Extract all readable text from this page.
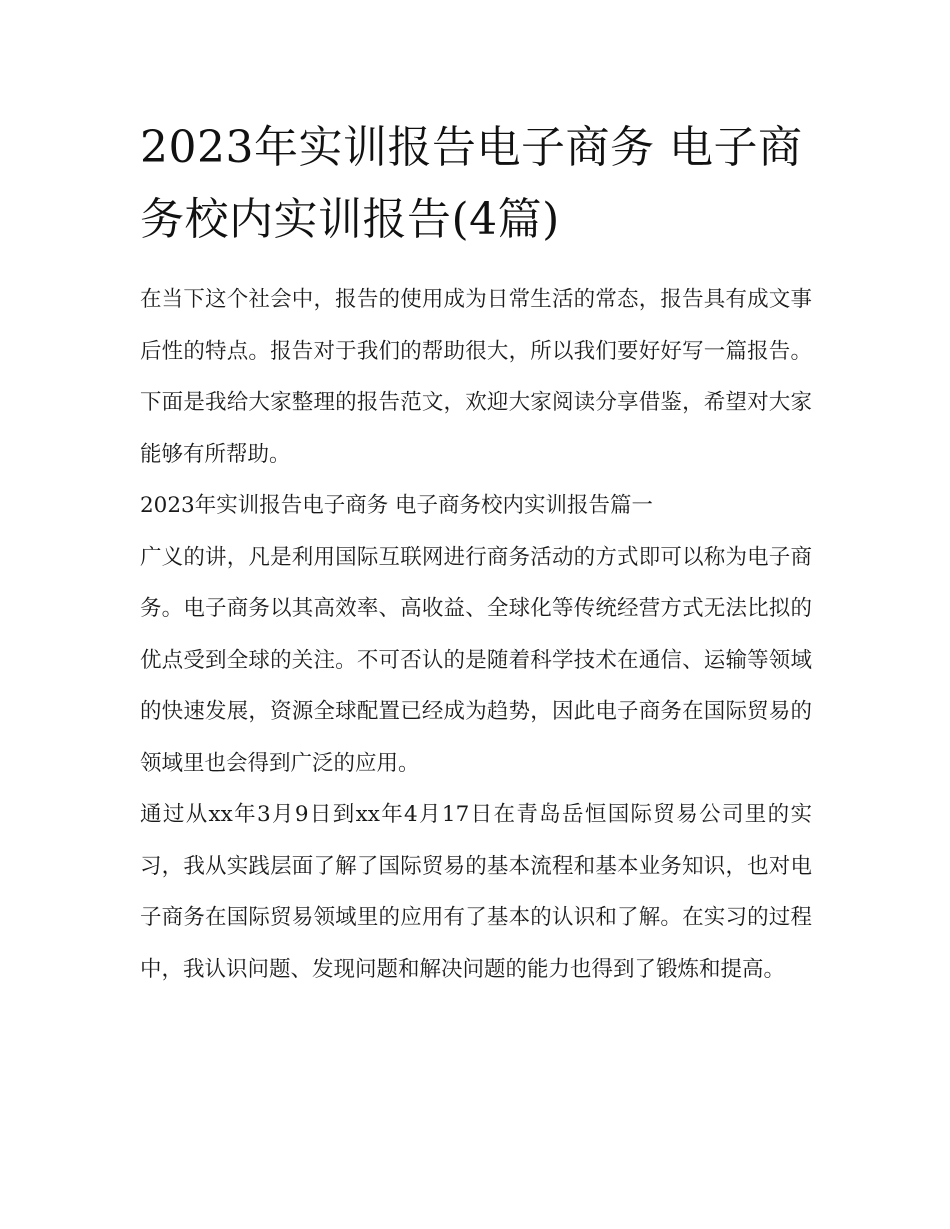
2023年实训报告电子商务 电子商务校内实训报告(4篇)

在当下这个社会中，报告的使用成为日常生活的常态，报告具有成文事后性的特点。报告对于我们的帮助很大，所以我们要好好写一篇报告。下面是我给大家整理的报告范文，欢迎大家阅读分享借鉴，希望对大家能够有所帮助。

2023年实训报告电子商务 电子商务校内实训报告篇一

广义的讲，凡是利用国际互联网进行商务活动的方式即可以称为电子商务。电子商务以其高效率、高收益、全球化等传统经营方式无法比拟的优点受到全球的关注。不可否认的是随着科学技术在通信、运输等领域的快速发展，资源全球配置已经成为趋势，因此电子商务在国际贸易的领域里也会得到广泛的应用。

通过从xx年3月9日到xx年4月17日在青岛岳恒国际贸易公司里的实习，我从实践层面了解了国际贸易的基本流程和基本业务知识，也对电子商务在国际贸易领域里的应用有了基本的认识和了解。在实习的过程中，我认识问题、发现问题和解决问题的能力也得到了锻炼和提高。
